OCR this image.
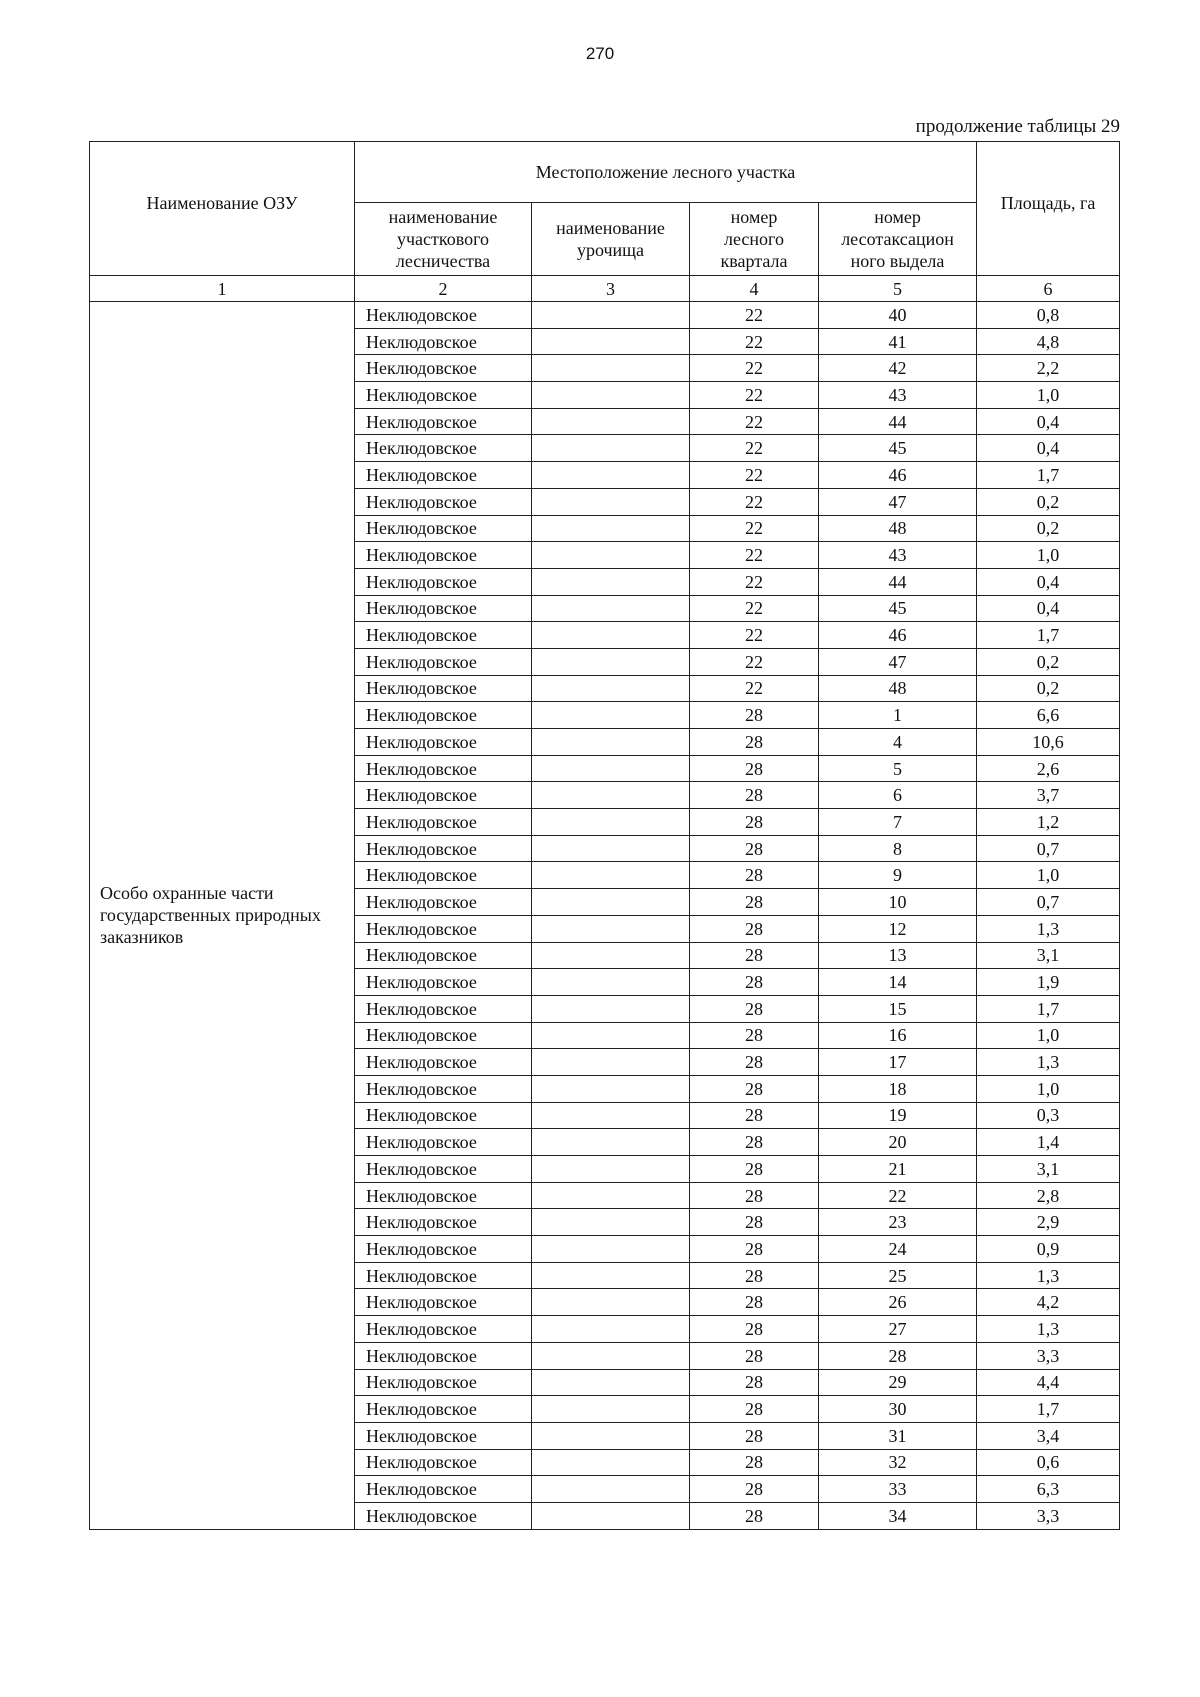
270
продолжение таблицы 29
Наименование ОЗУ	Местоположение лесного участка				Площадь, га
	наименование участкового лесничества	наименование урочища	номер лесного квартала	номер лесотаксацион ного выдела	
1	2	3	4	5	6
Особо охранные части государственных природных заказников	Неклюдовское		22	40	0,8
	Неклюдовское		22	41	4,8
	Неклюдовское		22	42	2,2
	Неклюдовское		22	43	1,0
	Неклюдовское		22	44	0,4
	Неклюдовское		22	45	0,4
	Неклюдовское		22	46	1,7
	Неклюдовское		22	47	0,2
	Неклюдовское		22	48	0,2
	Неклюдовское		22	43	1,0
	Неклюдовское		22	44	0,4
	Неклюдовское		22	45	0,4
	Неклюдовское		22	46	1,7
	Неклюдовское		22	47	0,2
	Неклюдовское		22	48	0,2
	Неклюдовское		28	1	6,6
	Неклюдовское		28	4	10,6
	Неклюдовское		28	5	2,6
	Неклюдовское		28	6	3,7
	Неклюдовское		28	7	1,2
	Неклюдовское		28	8	0,7
	Неклюдовское		28	9	1,0
	Неклюдовское		28	10	0,7
	Неклюдовское		28	12	1,3
	Неклюдовское		28	13	3,1
	Неклюдовское		28	14	1,9
	Неклюдовское		28	15	1,7
	Неклюдовское		28	16	1,0
	Неклюдовское		28	17	1,3
	Неклюдовское		28	18	1,0
	Неклюдовское		28	19	0,3
	Неклюдовское		28	20	1,4
	Неклюдовское		28	21	3,1
	Неклюдовское		28	22	2,8
	Неклюдовское		28	23	2,9
	Неклюдовское		28	24	0,9
	Неклюдовское		28	25	1,3
	Неклюдовское		28	26	4,2
	Неклюдовское		28	27	1,3
	Неклюдовское		28	28	3,3
	Неклюдовское		28	29	4,4
	Неклюдовское		28	30	1,7
	Неклюдовское		28	31	3,4
	Неклюдовское		28	32	0,6
	Неклюдовское		28	33	6,3
	Неклюдовское		28	34	3,3
